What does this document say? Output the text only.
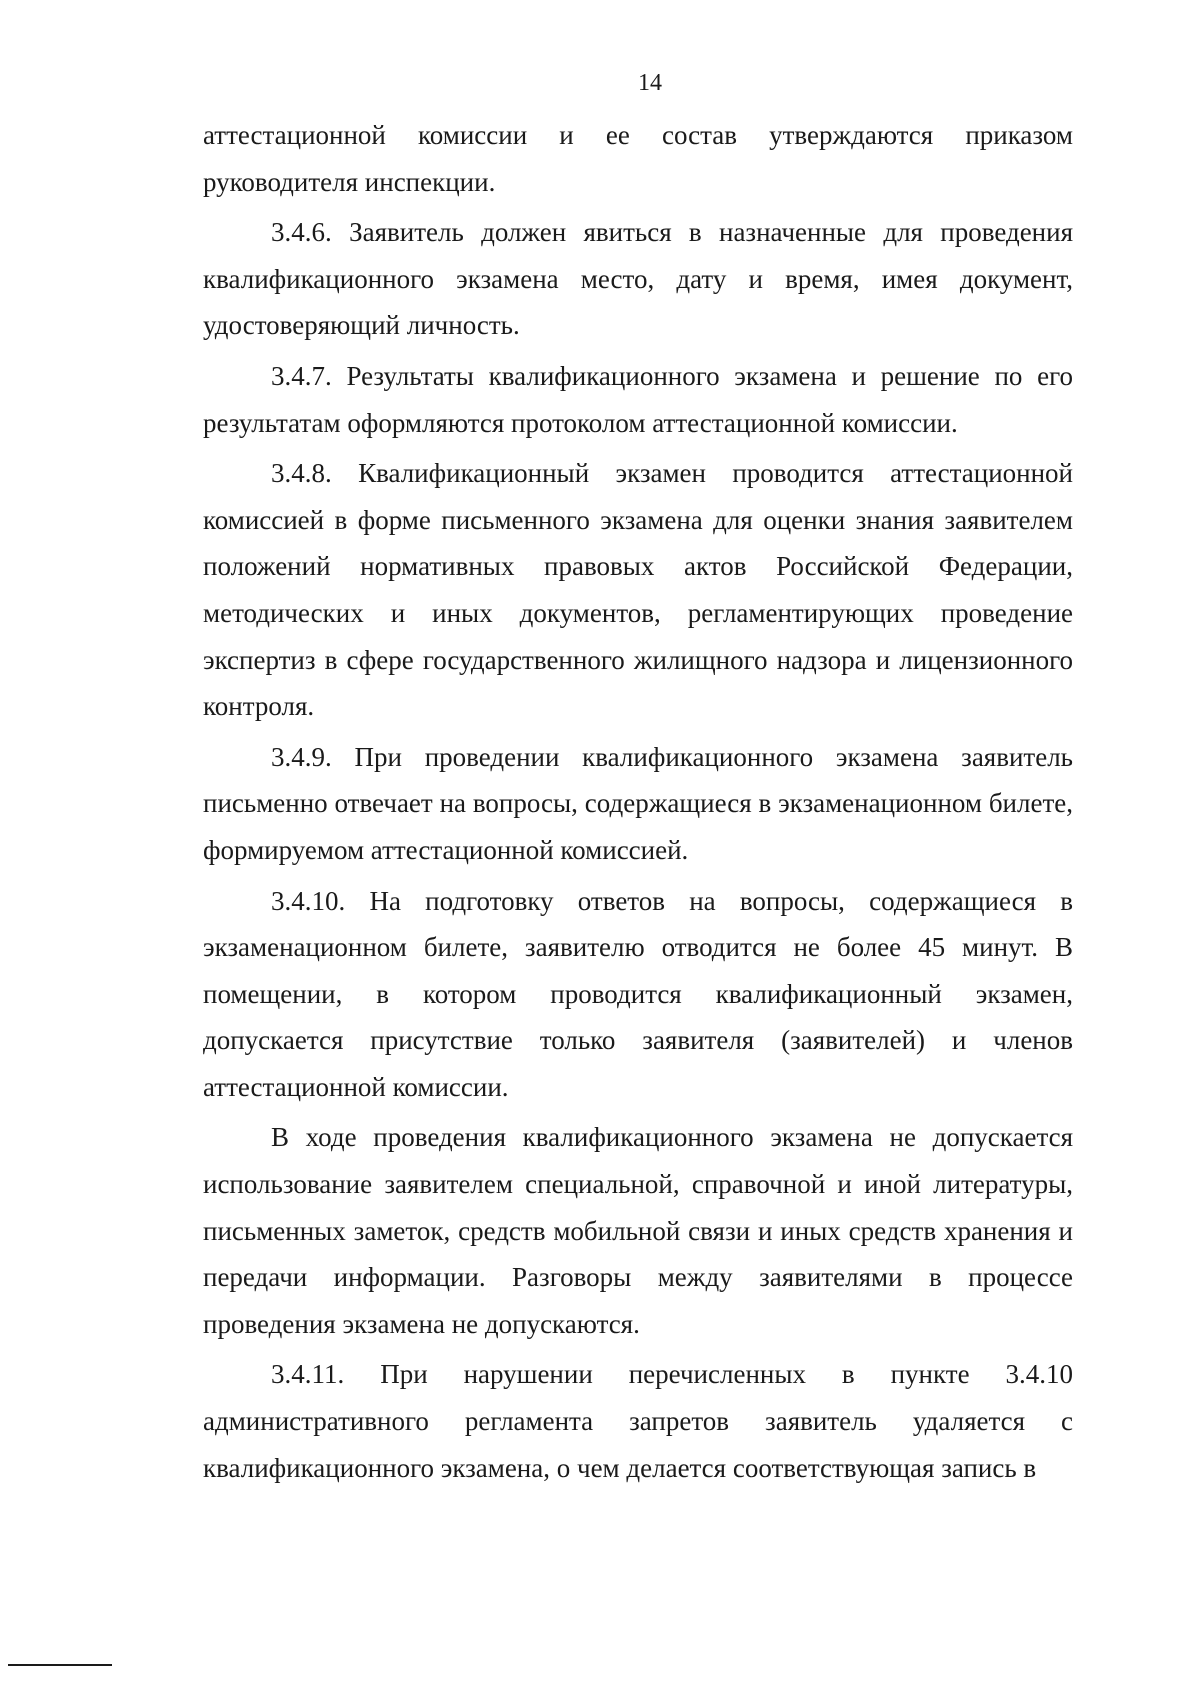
14

аттестационной комиссии и ее состав утверждаются приказом руководителя инспекции.

3.4.6. Заявитель должен явиться в назначенные для проведения квалификационного экзамена место, дату и время, имея документ, удостоверяющий личность.

3.4.7. Результаты квалификационного экзамена и решение по его результатам оформляются протоколом аттестационной комиссии.

3.4.8. Квалификационный экзамен проводится аттестационной комиссией в форме письменного экзамена для оценки знания заявителем положений нормативных правовых актов Российской Федерации, методических и иных документов, регламентирующих проведение экспертиз в сфере государственного жилищного надзора и лицензионного контроля.

3.4.9. При проведении квалификационного экзамена заявитель письменно отвечает на вопросы, содержащиеся в экзаменационном билете, формируемом аттестационной комиссией.

3.4.10. На подготовку ответов на вопросы, содержащиеся в экзаменационном билете, заявителю отводится не более 45 минут. В помещении, в котором проводится квалификационный экзамен, допускается присутствие только заявителя (заявителей) и членов аттестационной комиссии.

В ходе проведения квалификационного экзамена не допускается использование заявителем специальной, справочной и иной литературы, письменных заметок, средств мобильной связи и иных средств хранения и передачи информации. Разговоры между заявителями в процессе проведения экзамена не допускаются.

3.4.11. При нарушении перечисленных в пункте 3.4.10 административного регламента запретов заявитель удаляется с квалификационного экзамена, о чем делается соответствующая запись в
